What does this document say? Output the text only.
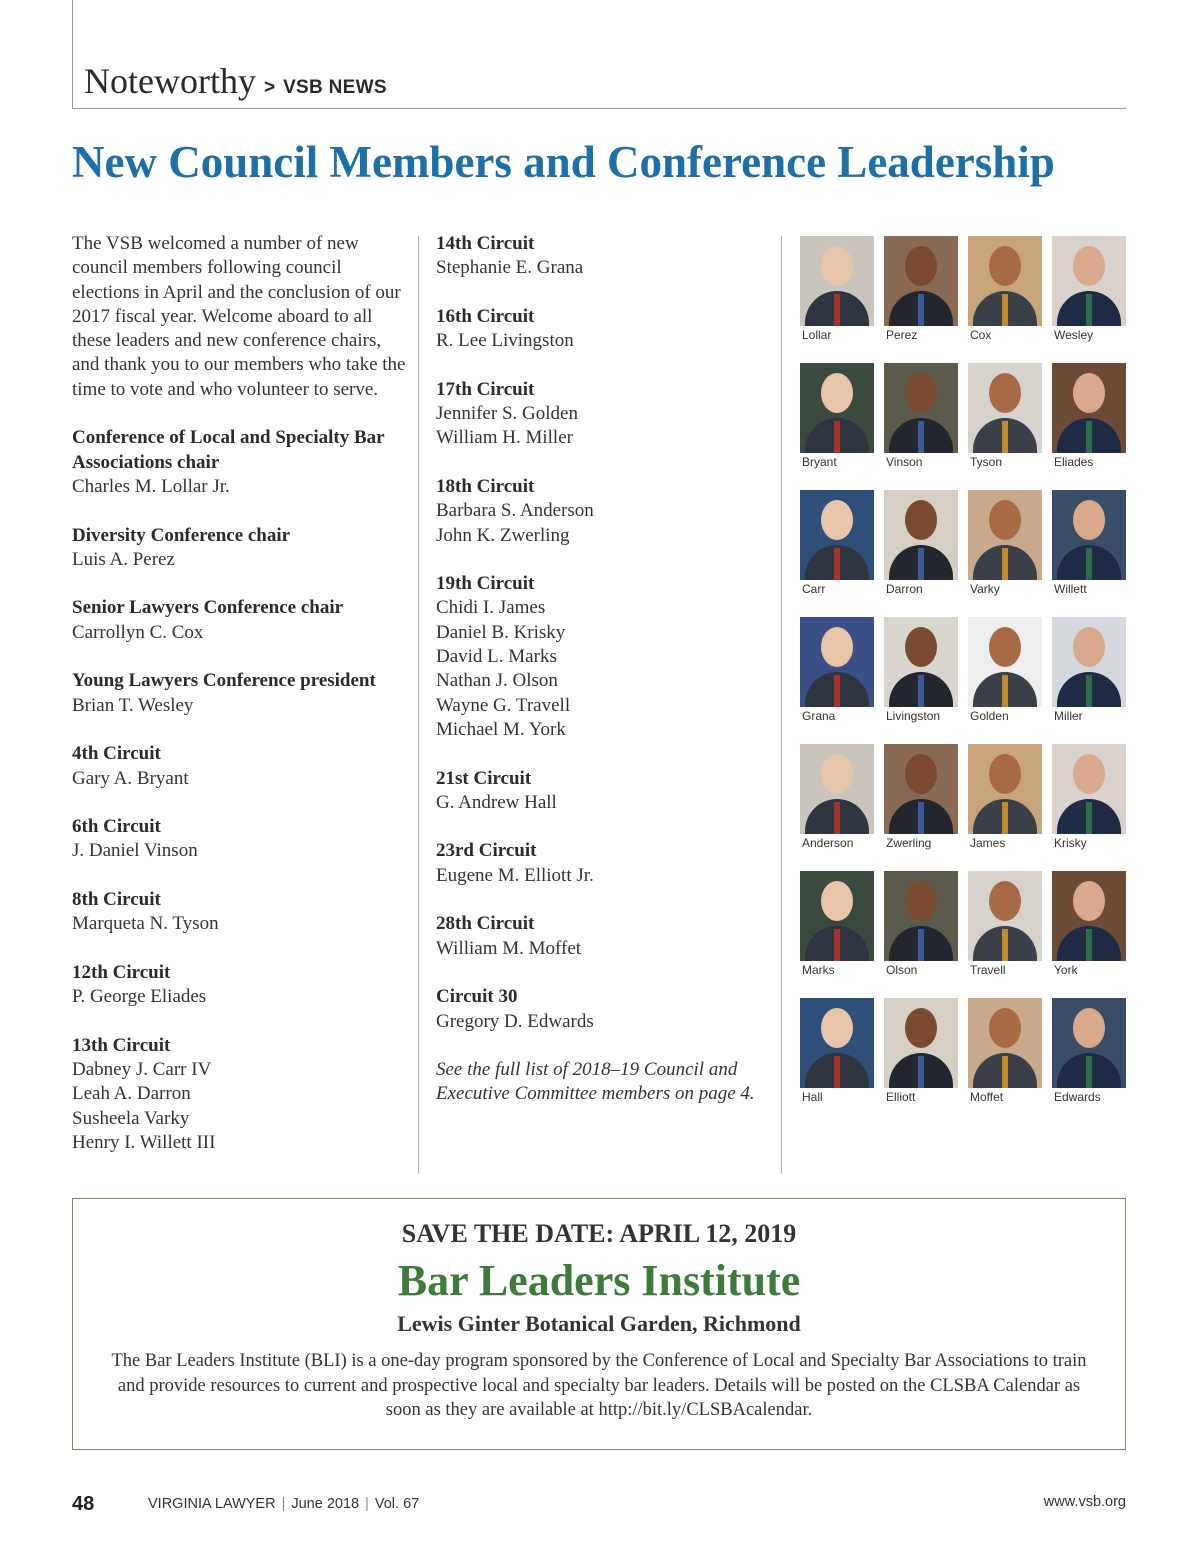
Noteworthy > VSB NEWS
New Council Members and Conference Leadership

The VSB welcomed a number of new council members following council elections in April and the conclusion of our 2017 fiscal year. Welcome aboard to all these leaders and new conference chairs, and thank you to our members who take the time to vote and who volunteer to serve.

Conference of Local and Specialty Bar Associations chair
Charles M. Lollar Jr.
Diversity Conference chair
Luis A. Perez
Senior Lawyers Conference chair
Carrollyn C. Cox
Young Lawyers Conference president
Brian T. Wesley
4th Circuit
Gary A. Bryant
6th Circuit
J. Daniel Vinson
8th Circuit
Marqueta N. Tyson
12th Circuit
P. George Eliades
13th Circuit
Dabney J. Carr IV
Leah A. Darron
Susheela Varky
Henry I. Willett III
14th Circuit
Stephanie E. Grana
16th Circuit
R. Lee Livingston
17th Circuit
Jennifer S. Golden
William H. Miller
18th Circuit
Barbara S. Anderson
John K. Zwerling
19th Circuit
Chidi I. James
Daniel B. Krisky
David L. Marks
Nathan J. Olson
Wayne G. Travell
Michael M. York
21st Circuit
G. Andrew Hall
23rd Circuit
Eugene M. Elliott Jr.
28th Circuit
William M. Moffet
Circuit 30
Gregory D. Edwards

See the full list of 2018–19 Council and Executive Committee members on page 4.

Lollar	Perez	Cox	Wesley
Bryant	Vinson	Tyson	Eliades
Carr	Darron	Varky	Willett
Grana	Livingston Golden	Miller
Anderson	Zwerling	James	Krisky
Marks	Olson	Travell	York
Hall	Elliott	Moffet	Edwards
SAVE THE DATE: APRIL 12, 2019
Bar Leaders Institute
Lewis Ginter Botanical Garden, Richmond
The Bar Leaders Institute (BLI) is a one-day program sponsored by the Conference of Local and Specialty Bar Associations to train and provide resources to current and prospective local and specialty bar leaders. Details will be posted on the CLSBA Calendar as soon as they are available at http://bit.ly/CLSBAcalendar.
48	VIRGINIA LAWYER | June 2018 | Vol. 67	www.vsb.org
